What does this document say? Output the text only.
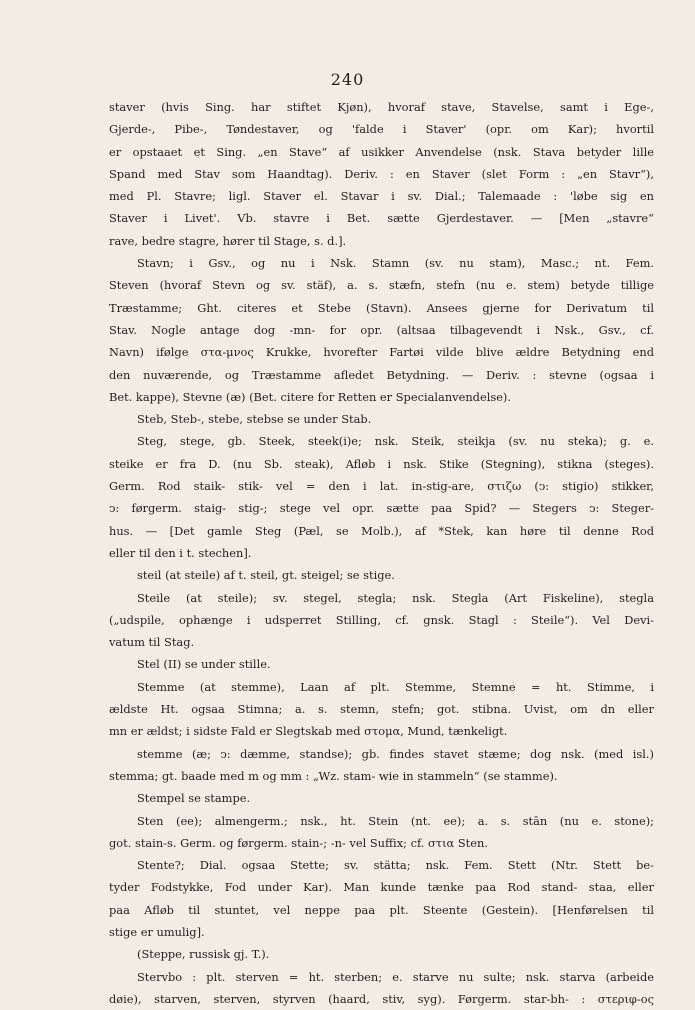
240
staver (hvis Sing. har stiftet Kjøn), hvoraf stave, Stavelse, samt i Ege-,
Gjerde-, Pibe-, Tøndestaver, og 'falde i Staver' (opr. om Kar); hvortil
er opstaaet et Sing. „en Stave“ af usikker Anvendelse (nsk. Stava betyder lille
Spand med Stav som Haandtag). Deriv. : en Staver (slet Form : „en Stavr“),
med Pl. Stavre; ligl. Staver el. Stavar i sv. Dial.; Talemaade : 'løbe sig en
Staver i Livet'. Vb. stavre i Bet. sætte Gjerdestaver. — [Men „stavre“
rave, bedre stagre, hører til Stage, s. d.].
Stavn; i Gsv., og nu i Nsk. Stamn (sv. nu stam), Masc.; nt. Fem.
Steven (hvoraf Stevn og sv. stäf), a. s. stæfn, stefn (nu e. stem) betyde tillige
Træstamme; Ght. citeres et Stebe (Stavn). Ansees gjerne for Derivatum til
Stav. Nogle antage dog -mn- for opr. (altsaa tilbagevendt i Nsk., Gsv., cf.
Navn) ifølge στα-μνος Krukke, hvorefter Fartøi vilde blive ældre Betydning end
den nuværende, og Træstamme afledet Betydning. — Deriv. : stevne (ogsaa i
Bet. kappe), Stevne (æ) (Bet. citere for Retten er Specialanvendelse).
Steb, Steb-, stebe, stebse se under Stab.
Steg, stege, gb. Steek, steek(i)e; nsk. Steik, steikja (sv. nu steka); g. e.
steike er fra D. (nu Sb. steak), Afløb i nsk. Stike (Stegning), stikna (steges).
Germ. Rod staik- stik- vel = den i lat. in-stig-are, στιζω (ↄ: stigio) stikker,
ↄ: førgerm. staig- stig-; stege vel opr. sætte paa Spid? — Stegers ↄ: Steger-
hus. — [Det gamle Steg (Pæl, se Molb.), af *Stek, kan høre til denne Rod
eller til den i t. stechen].
steil (at steile) af t. steil, gt. steigel; se stige.
Steile (at steile); sv. stegel, stegla; nsk. Stegla (Art Fiskeline), stegla
(„udspile, ophænge i udsperret Stilling, cf. gnsk. Stagl : Steile“). Vel Devi-
vatum til Stag.
Stel (II) se under stille.
Stemme (at stemme), Laan af plt. Stemme, Stemne = ht. Stimme, i
ældste Ht. ogsaa Stimna; a. s. stemn, stefn; got. stibna. Uvist, om dn eller
mn er ældst; i sidste Fald er Slegtskab med στομα, Mund, tænkeligt.
stemme (æ; ↄ: dæmme, standse); gb. findes stavet stæme; dog nsk. (med isl.)
stemma; gt. baade med m og mm : „Wz. stam- wie in stammeln“ (se stamme).
Stempel se stampe.
Sten (ee); almengerm.; nsk., ht. Stein (nt. ee); a. s. stān (nu e. stone);
got. stain-s. Germ. og førgerm. stain-; -n- vel Suffix; cf. στια Sten.
Stente?; Dial. ogsaa Stette; sv. stätta; nsk. Fem. Stett (Ntr. Stett be-
tyder Fodstykke, Fod under Kar). Man kunde tænke paa Rod stand- staa, eller
paa Afløb til stuntet, vel neppe paa plt. Steente (Gestein). [Henførelsen til
stige er umulig].
(Steppe, russisk gj. T.).
Stervbo : plt. sterven = ht. sterben; e. starve nu sulte; nsk. starva (arbeide
døie), starven, sterven, styrven (haard, stiv, syg). Førgerm. star-bh- : στεριφ-ος
